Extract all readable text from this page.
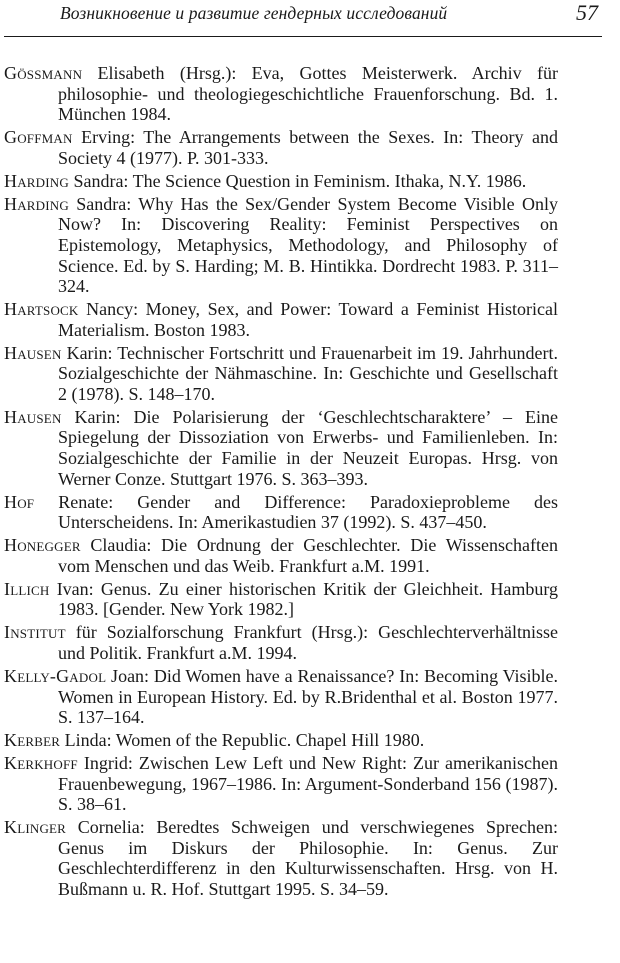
Возникновение и развитие гендерных исследований	57

Gössmann Elisabeth (Hrsg.): Eva, Gottes Meisterwerk. Archiv für philosophie- und theologiegeschichtliche Frauenforschung. Bd. 1. München 1984.

Goffman Erving: The Arrangements between the Sexes. In: Theory and Society 4 (1977). P. 301-333.

Harding Sandra: The Science Question in Feminism. Ithaka, N.Y. 1986.

Harding Sandra: Why Has the Sex/Gender System Become Visible Only Now? In: Discovering Reality: Feminist Perspectives on Epistemology, Metaphysics, Methodology, and Philosophy of Science. Ed. by S. Harding; M. B. Hintikka. Dordrecht 1983. P. 311–324.

Hartsock Nancy: Money, Sex, and Power: Toward a Feminist Historical Materialism. Boston 1983.

Hausen Karin: Technischer Fortschritt und Frauenarbeit im 19. Jahrhundert. Sozialgeschichte der Nähmaschine. In: Geschichte und Gesellschaft 2 (1978). S. 148–170.

Hausen Karin: Die Polarisierung der ‘Geschlechtscharaktere’ – Eine Spiegelung der Dissoziation von Erwerbs- und Familienleben. In: Sozialgeschichte der Familie in der Neuzeit Europas. Hrsg. von Werner Conze. Stuttgart 1976. S. 363–393.

Hof Renate: Gender and Difference: Paradoxieprobleme des Unterscheidens. In: Amerikastudien 37 (1992). S. 437–450.

Honegger Claudia: Die Ordnung der Geschlechter. Die Wissenschaften vom Menschen und das Weib. Frankfurt a.M. 1991.

Illich Ivan: Genus. Zu einer historischen Kritik der Gleichheit. Hamburg 1983. [Gender. New York 1982.]

Institut für Sozialforschung Frankfurt (Hrsg.): Geschlechterverhältnisse und Politik. Frankfurt a.M. 1994.

Kelly-Gadol Joan: Did Women have a Renaissance? In: Becoming Visible. Women in European History. Ed. by R.Bridenthal et al. Boston 1977. S. 137–164.

Kerber Linda: Women of the Republic. Chapel Hill 1980.

Kerkhoff Ingrid: Zwischen Lew Left und New Right: Zur amerikanischen Frauenbewegung, 1967–1986. In: Argument-Sonderband 156 (1987). S. 38–61.

Klinger Cornelia: Beredtes Schweigen und verschwiegenes Sprechen: Genus im Diskurs der Philosophie. In: Genus. Zur Geschlechterdifferenz in den Kulturwissenschaften. Hrsg. von H. Bußmann u. R. Hof. Stuttgart 1995. S. 34–59.
